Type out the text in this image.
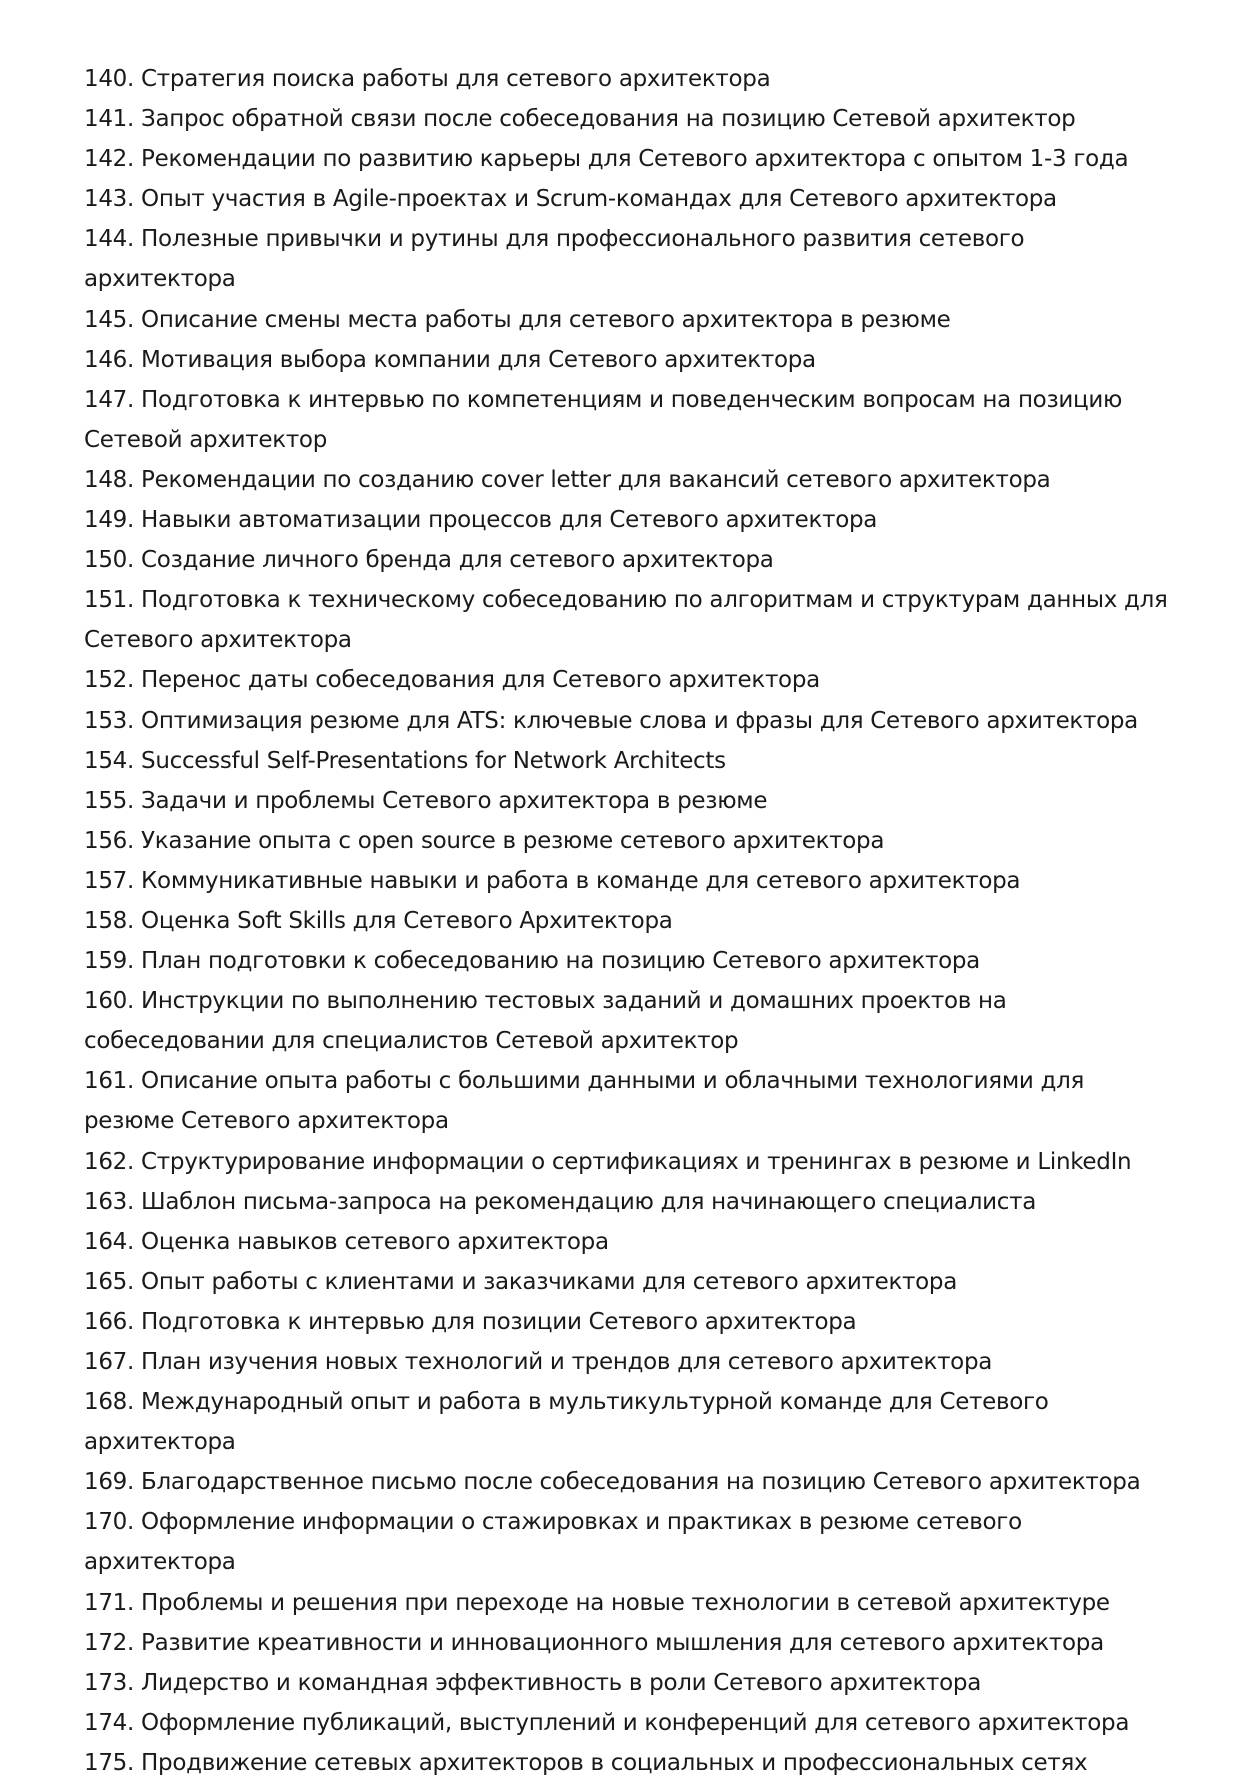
140. Стратегия поиска работы для сетевого архитектора
141. Запрос обратной связи после собеседования на позицию Сетевой архитектор
142. Рекомендации по развитию карьеры для Сетевого архитектора с опытом 1-3 года
143. Опыт участия в Agile-проектах и Scrum-командах для Сетевого архитектора
144. Полезные привычки и рутины для профессионального развития сетевого архитектора
145. Описание смены места работы для сетевого архитектора в резюме
146. Мотивация выбора компании для Сетевого архитектора
147. Подготовка к интервью по компетенциям и поведенческим вопросам на позицию Сетевой архитектор
148. Рекомендации по созданию cover letter для вакансий сетевого архитектора
149. Навыки автоматизации процессов для Сетевого архитектора
150. Создание личного бренда для сетевого архитектора
151. Подготовка к техническому собеседованию по алгоритмам и структурам данных для Сетевого архитектора
152. Перенос даты собеседования для Сетевого архитектора
153. Оптимизация резюме для ATS: ключевые слова и фразы для Сетевого архитектора
154. Successful Self-Presentations for Network Architects
155. Задачи и проблемы Сетевого архитектора в резюме
156. Указание опыта с open source в резюме сетевого архитектора
157. Коммуникативные навыки и работа в команде для сетевого архитектора
158. Оценка Soft Skills для Сетевого Архитектора
159. План подготовки к собеседованию на позицию Сетевого архитектора
160. Инструкции по выполнению тестовых заданий и домашних проектов на собеседовании для специалистов Сетевой архитектор
161. Описание опыта работы с большими данными и облачными технологиями для резюме Сетевого архитектора
162. Структурирование информации о сертификациях и тренингах в резюме и LinkedIn
163. Шаблон письма-запроса на рекомендацию для начинающего специалиста
164. Оценка навыков сетевого архитектора
165. Опыт работы с клиентами и заказчиками для сетевого архитектора
166. Подготовка к интервью для позиции Сетевого архитектора
167. План изучения новых технологий и трендов для сетевого архитектора
168. Международный опыт и работа в мультикультурной команде для Сетевого архитектора
169. Благодарственное письмо после собеседования на позицию Сетевого архитектора
170. Оформление информации о стажировках и практиках в резюме сетевого архитектора
171. Проблемы и решения при переходе на новые технологии в сетевой архитектуре
172. Развитие креативности и инновационного мышления для сетевого архитектора
173. Лидерство и командная эффективность в роли Сетевого архитектора
174. Оформление публикаций, выступлений и конференций для сетевого архитектора
175. Продвижение сетевых архитекторов в социальных и профессиональных сетях
